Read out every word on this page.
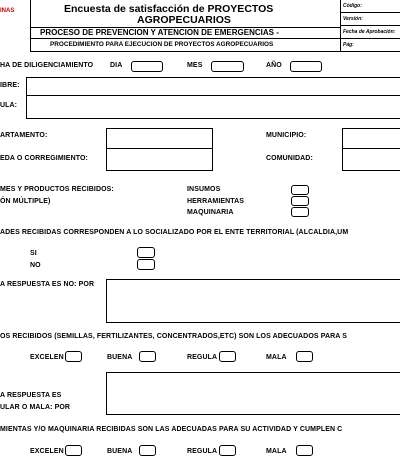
INAS	Encuesta de satisfacción de PROYECTOS
AGROPECUARIOS
PROCESO DE PREVENCION Y ATENCION DE EMERGENCIAS -
PROCEDIMIENTO PARA EJECUCION DE PROYECTOS AGROPECUARIOS
Código:
Versión:
Fecha de Aprobación:
Pág:
HA DE DILIGENCIAMIENTO DIA	MES	AÑO
IBRE:
ULA:
ARTAMENTO:	MUNICIPIO:
EDA O CORREGIMIENTO:	COMUNIDAD:
MES Y PRODUCTOS RECIBIDOS:
ÓN MÚLTIPLE)
INSUMOS
HERRAMIENTAS
MAQUINARIA
ADES RECIBIDAS CORRESPONDEN A LO SOCIALIZADO POR EL ENTE TERRITORIAL (ALCALDIA,UM
SI
NO
A RESPUESTA ES NO: POR
OS RECIBIDOS (SEMILLAS, FERTILIZANTES, CONCENTRADOS,ETC) SON LOS ADECUADOS PARA S
EXCELEN	BUENA	REGULA	MALA
A RESPUESTA ES
ULAR O MALA: POR
MIENTAS Y/O MAQUINARIA RECIBIDAS SON LAS ADECUADAS PARA SU ACTIVIDAD Y CUMPLEN C
EXCELEN	BUENA	REGULA	MALA
